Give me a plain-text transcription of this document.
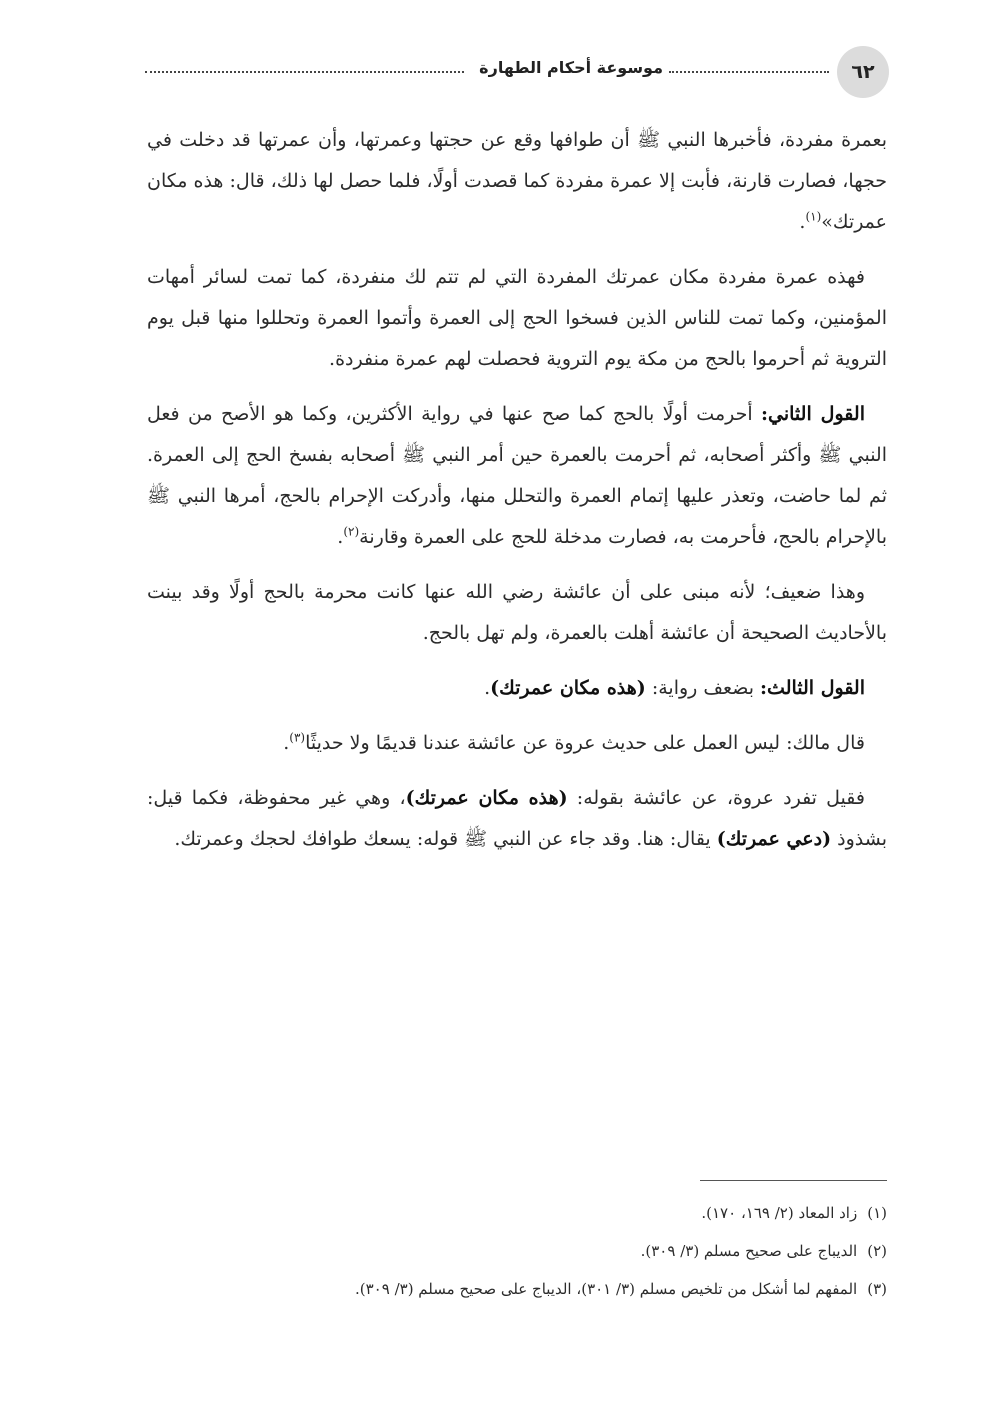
٦٢
موسوعة أحكام الطهارة

بعمرة مفردة، فأخبرها النبي ﷺ أن طوافها وقع عن حجتها وعمرتها، وأن عمرتها قد دخلت في حجها، فصارت قارنة، فأبت إلا عمرة مفردة كما قصدت أولًا، فلما حصل لها ذلك، قال: هذه مكان عمرتك»$^{(١)}$.

فهذه عمرة مفردة مكان عمرتك المفردة التي لم تتم لك منفردة، كما تمت لسائر أمهات المؤمنين، وكما تمت للناس الذين فسخوا الحج إلى العمرة وأتموا العمرة وتحللوا منها قبل يوم التروية ثم أحرموا بالحج من مكة يوم التروية فحصلت لهم عمرة منفردة.

القول الثاني: أحرمت أولًا بالحج كما صح عنها في رواية الأكثرين، وكما هو الأصح من فعل النبي ﷺ وأكثر أصحابه، ثم أحرمت بالعمرة حين أمر النبي ﷺ أصحابه بفسخ الحج إلى العمرة. ثم لما حاضت، وتعذر عليها إتمام العمرة والتحلل منها، وأدركت الإحرام بالحج، أمرها النبي ﷺ بالإحرام بالحج، فأحرمت به، فصارت مدخلة للحج على العمرة وقارنة$^{(٢)}$.

وهذا ضعيف؛ لأنه مبنى على أن عائشة رضي الله عنها كانت محرمة بالحج أولًا وقد بينت بالأحاديث الصحيحة أن عائشة أهلت بالعمرة، ولم تهل بالحج.

القول الثالث: بضعف رواية: (هذه مكان عمرتك).

قال مالك: ليس العمل على حديث عروة عن عائشة عندنا قديمًا ولا حديثًا$^{(٣)}$.

فقيل تفرد عروة، عن عائشة بقوله: (هذه مكان عمرتك)، وهي غير محفوظة، فكما قيل: بشذوذ (دعي عمرتك) يقال: هنا. وقد جاء عن النبي ﷺ قوله: يسعك طوافك لحجك وعمرتك.

(١)
زاد المعاد (٢/ ١٦٩، ١٧٠).
(٢)
الديباج على صحيح مسلم (٣/ ٣٠٩).
(٣)
المفهم لما أشكل من تلخيص مسلم (٣/ ٣٠١)، الديباج على صحيح مسلم (٣/ ٣٠٩).
